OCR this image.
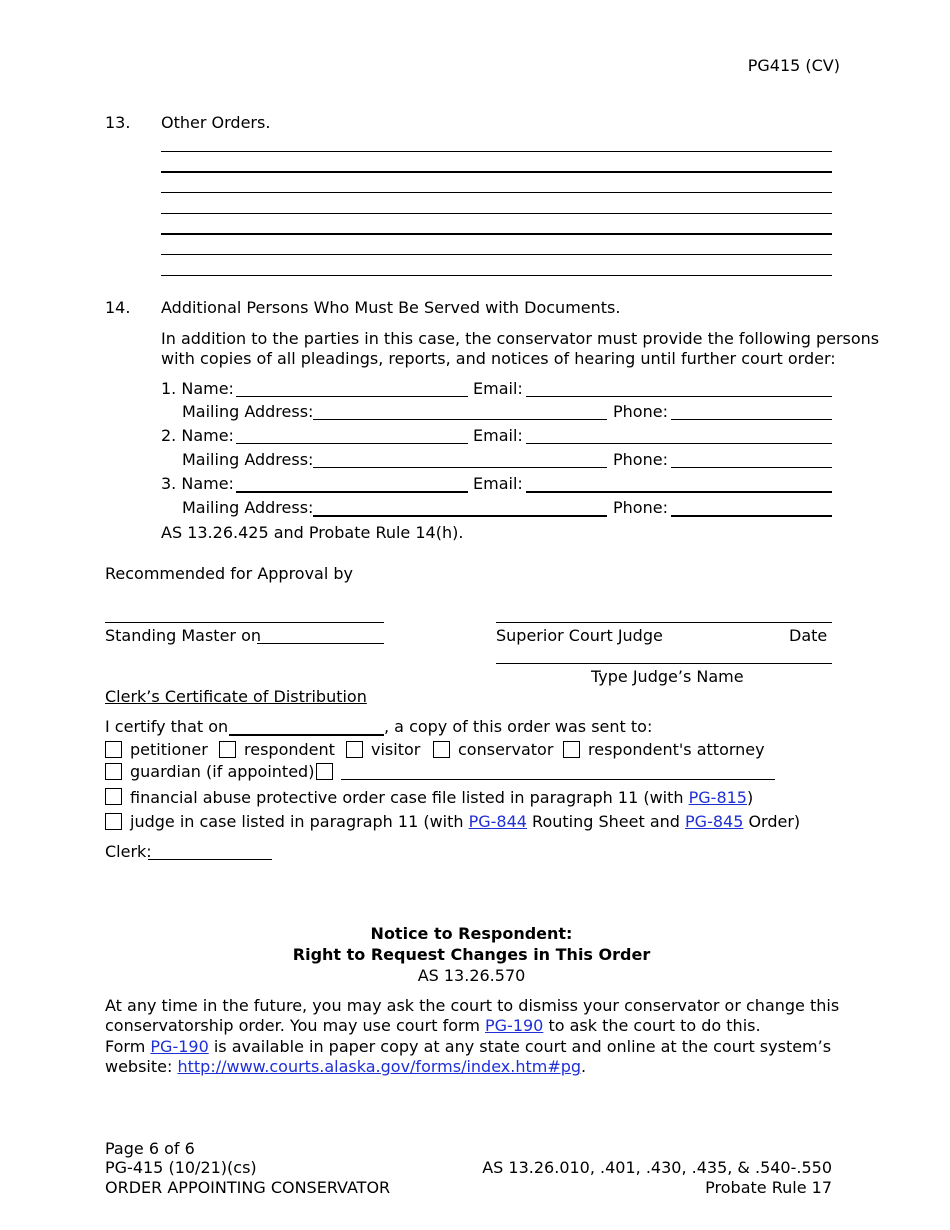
PG415 (CV)
13. Other Orders.
14. Additional Persons Who Must Be Served with Documents.
In addition to the parties in this case, the conservator must provide the following persons
with copies of all pleadings, reports, and notices of hearing until further court order:
1. Name:	Email:
Mailing Address:	Phone:
2. Name:	Email:
Mailing Address:	Phone:
3. Name:	Email:
Mailing Address:	Phone:
AS 13.26.425 and Probate Rule 14(h).
Recommended for Approval by
Standing Master on	Superior Court Judge	Date
Type Judge’s Name
Clerk’s Certificate of Distribution
I certify that on	, a copy of this order was sent to:
petitioner respondent visitor conservator respondent's attorney
guardian (if appointed)
financial abuse protective order case file listed in paragraph 11 (with PG-815)
judge in case listed in paragraph 11 (with PG-844 Routing Sheet and PG-845 Order)
Clerk:
Notice to Respondent:
Right to Request Changes in This Order
AS 13.26.570
At any time in the future, you may ask the court to dismiss your conservator or change this
conservatorship order. You may use court form PG-190 to ask the court to do this.
Form PG-190 is available in paper copy at any state court and online at the court system’s
website: http://www.courts.alaska.gov/forms/index.htm#pg.
Page 6 of 6
PG-415 (10/21)(cs)
ORDER APPOINTING CONSERVATOR
AS 13.26.010, .401, .430, .435, & .540-.550
Probate Rule 17
